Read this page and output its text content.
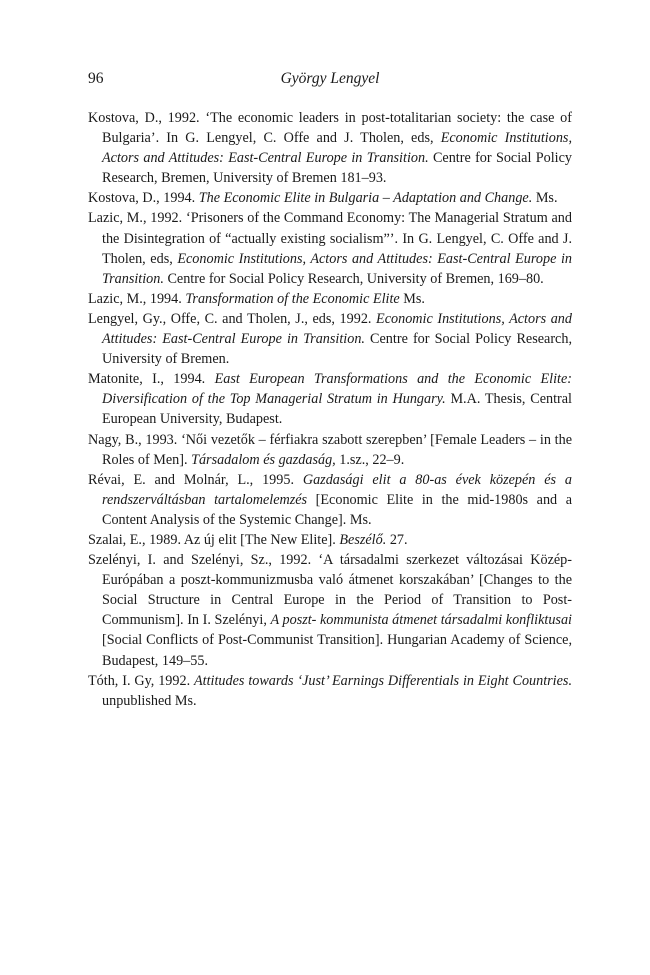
96	György Lengyel

Kostova, D., 1992. ‘The economic leaders in post-totalitarian society: the case of Bulgaria’. In G. Lengyel, C. Offe and J. Tholen, eds, Economic Institutions, Actors and Attitudes: East-Central Europe in Transition. Centre for Social Policy Research, Bremen, University of Bremen 181–93.

Kostova, D., 1994. The Economic Elite in Bulgaria – Adaptation and Change. Ms.

Lazic, M., 1992. ‘Prisoners of the Command Economy: The Managerial Stratum and the Disintegration of “actually existing socialism”’. In G. Lengyel, C. Offe and J. Tholen, eds, Economic Institutions, Actors and Attitudes: East-Central Europe in Transition. Centre for Social Policy Research, University of Bremen, 169–80.

Lazic, M., 1994. Transformation of the Economic Elite Ms.

Lengyel, Gy., Offe, C. and Tholen, J., eds, 1992. Economic Institutions, Actors and Attitudes: East-Central Europe in Transition. Centre for Social Policy Research, University of Bremen.

Matonite, I., 1994. East European Transformations and the Economic Elite: Diversification of the Top Managerial Stratum in Hungary. M.A. Thesis, Central European University, Budapest.

Nagy, B., 1993. ‘Női vezetők – férfiakra szabott szerepben’ [Female Leaders – in the Roles of Men]. Társadalom és gazdaság, 1.sz., 22–9.

Révai, E. and Molnár, L., 1995. Gazdasági elit a 80-as évek közepén és a rendszerváltásban tartalomelemzés [Economic Elite in the mid-1980s and a Content Analysis of the Systemic Change]. Ms.

Szalai, E., 1989. Az új elit [The New Elite]. Beszélő. 27.

Szelényi, I. and Szelényi, Sz., 1992. ‘A társadalmi szerkezet változásai Közép-Európában a poszt-kommunizmusba való átmenet korszakában’ [Changes to the Social Structure in Central Europe in the Period of Transition to Post-Communism]. In I. Szelényi, A poszt- kommunista átmenet társadalmi konfliktusai [Social Conflicts of Post-Communist Transition]. Hungarian Academy of Science, Budapest, 149–55.

Tóth, I. Gy, 1992. Attitudes towards ‘Just’ Earnings Differentials in Eight Countries. unpublished Ms.
